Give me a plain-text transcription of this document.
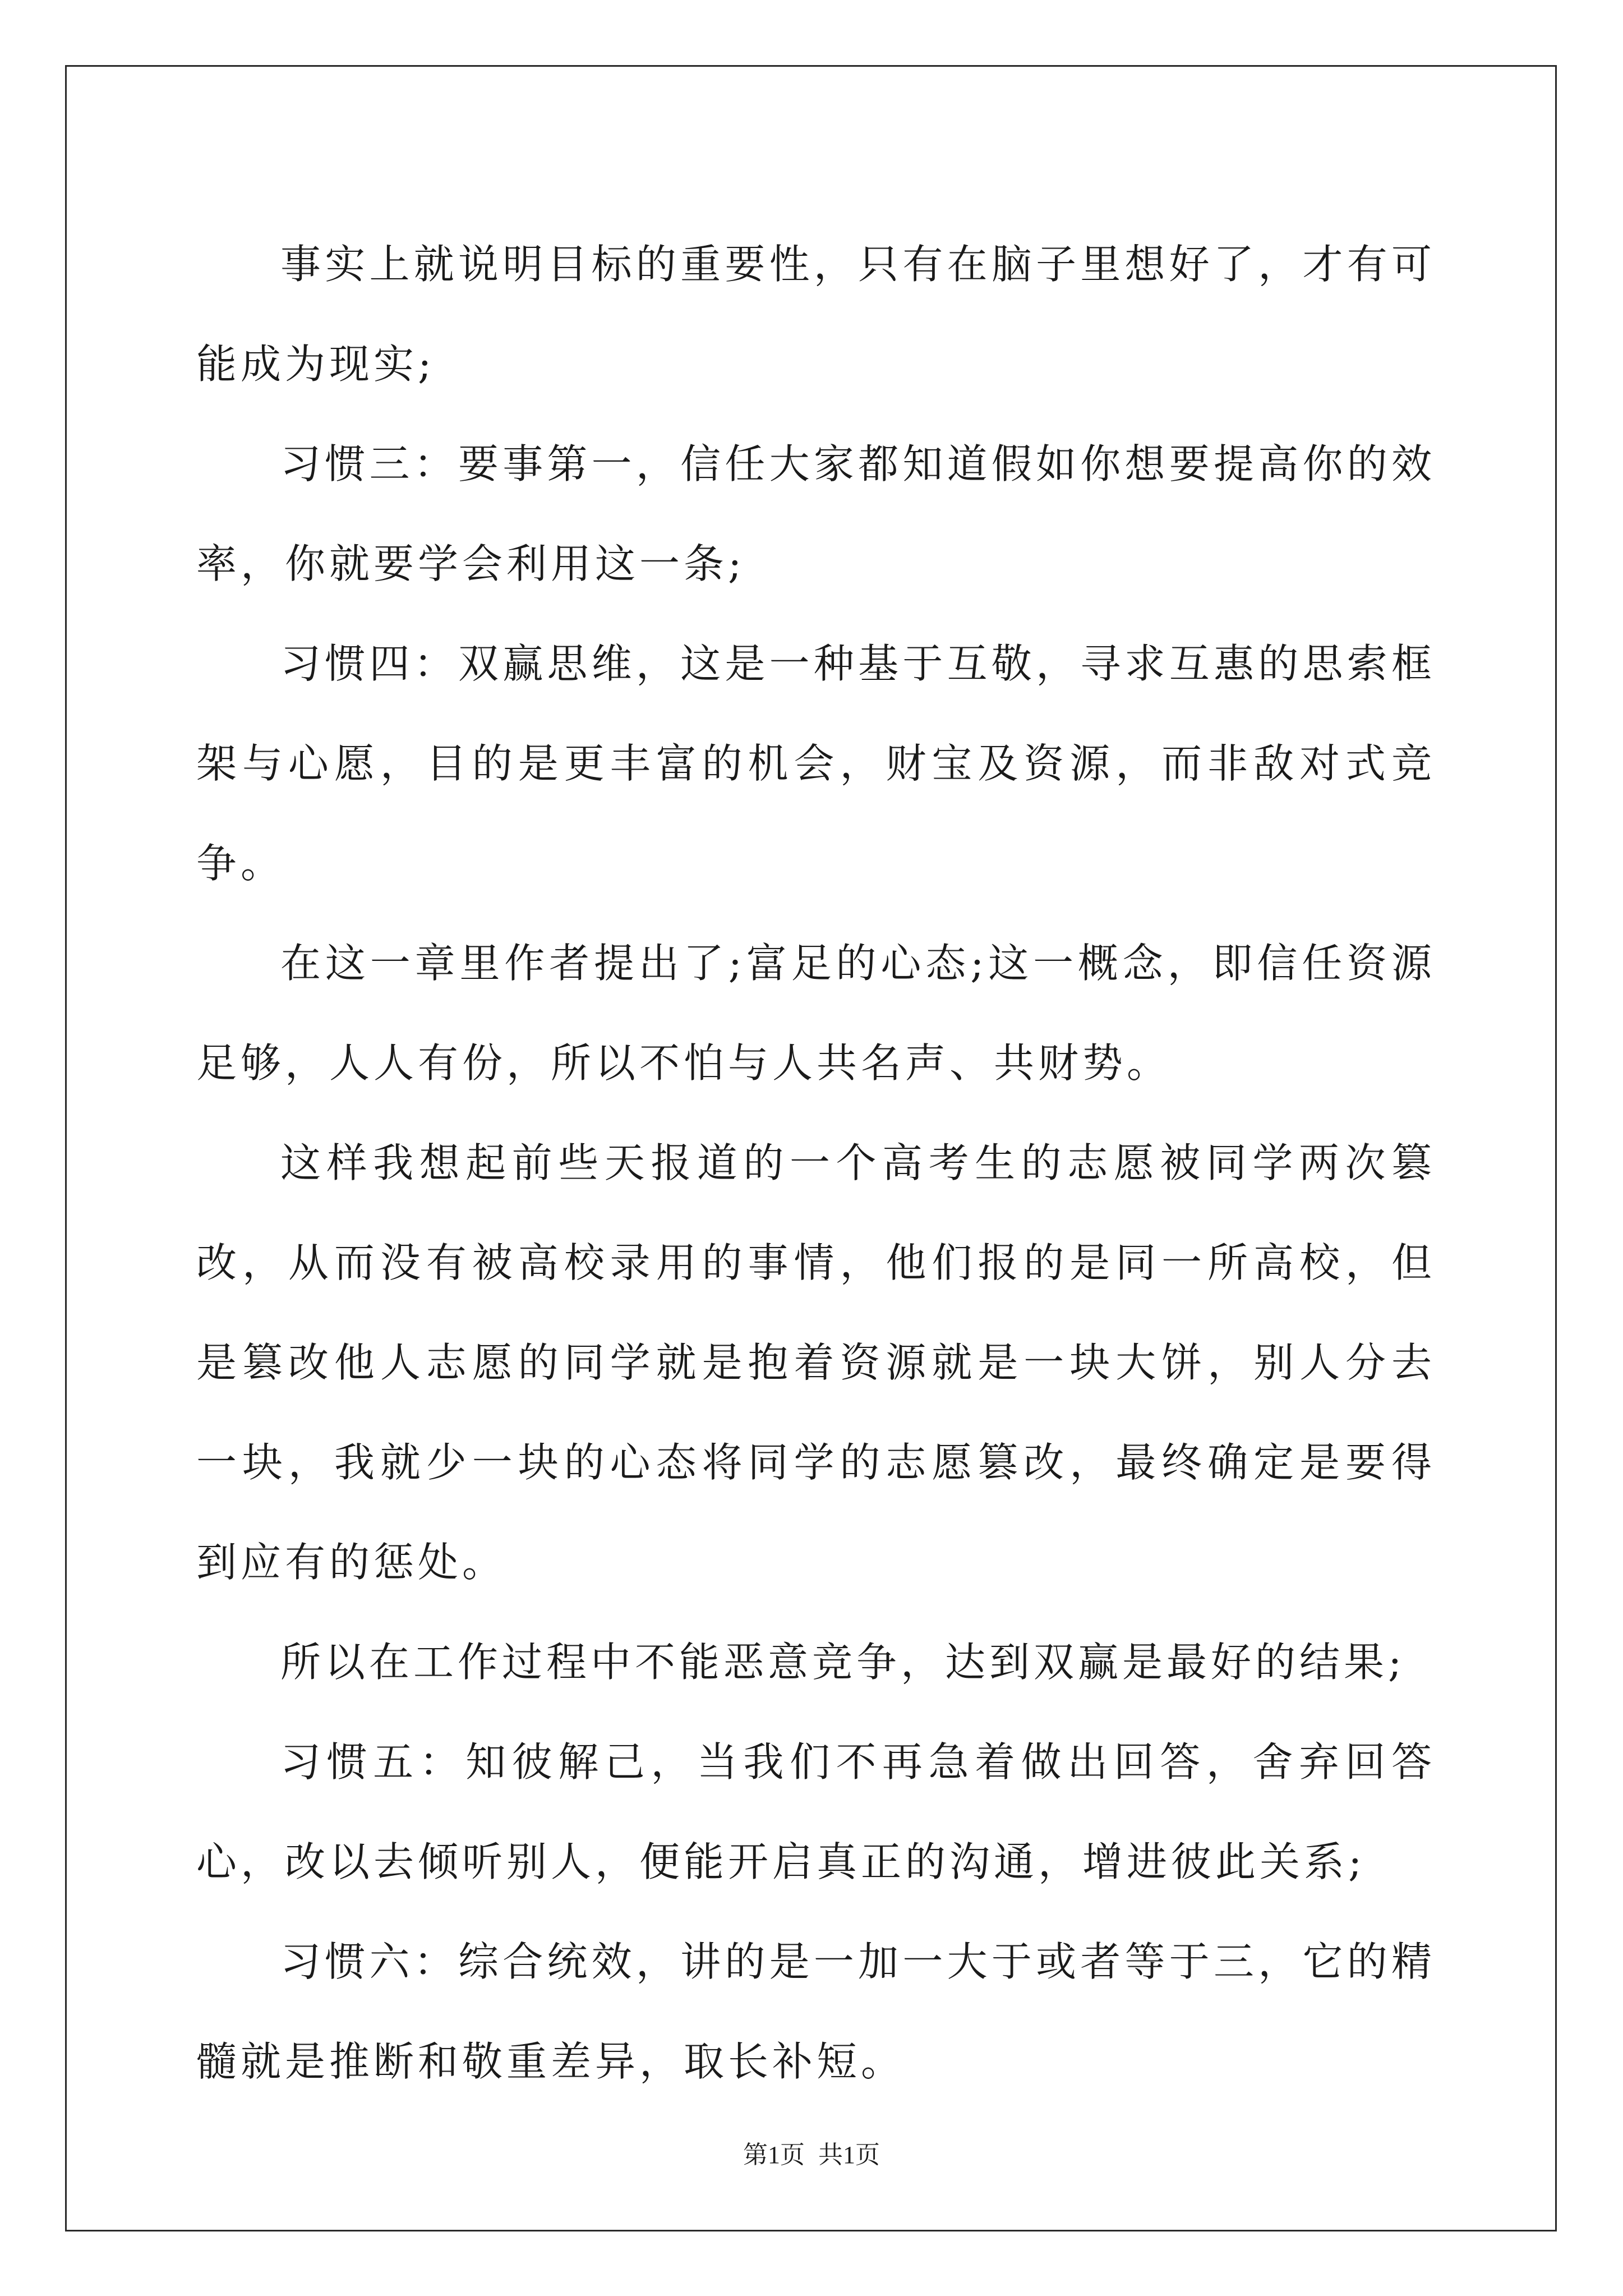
事实上就说明目标的重要性，只有在脑子里想好了，才有可能成为现实;

习惯三：要事第一，信任大家都知道假如你想要提高你的效率，你就要学会利用这一条;

习惯四：双赢思维，这是一种基于互敬，寻求互惠的思索框架与心愿，目的是更丰富的机会，财宝及资源，而非敌对式竞争。

在这一章里作者提出了;富足的心态;这一概念，即信任资源足够，人人有份，所以不怕与人共名声、共财势。

这样我想起前些天报道的一个高考生的志愿被同学两次篡改，从而没有被高校录用的事情，他们报的是同一所高校，但是篡改他人志愿的同学就是抱着资源就是一块大饼，别人分去一块，我就少一块的心态将同学的志愿篡改，最终确定是要得到应有的惩处。

所以在工作过程中不能恶意竞争，达到双赢是最好的结果;

习惯五：知彼解己，当我们不再急着做出回答，舍弃回答心，改以去倾听别人，便能开启真正的沟通，增进彼此关系;

习惯六：综合统效，讲的是一加一大于或者等于三，它的精髓就是推断和敬重差异，取长补短。

第1页 共1页
